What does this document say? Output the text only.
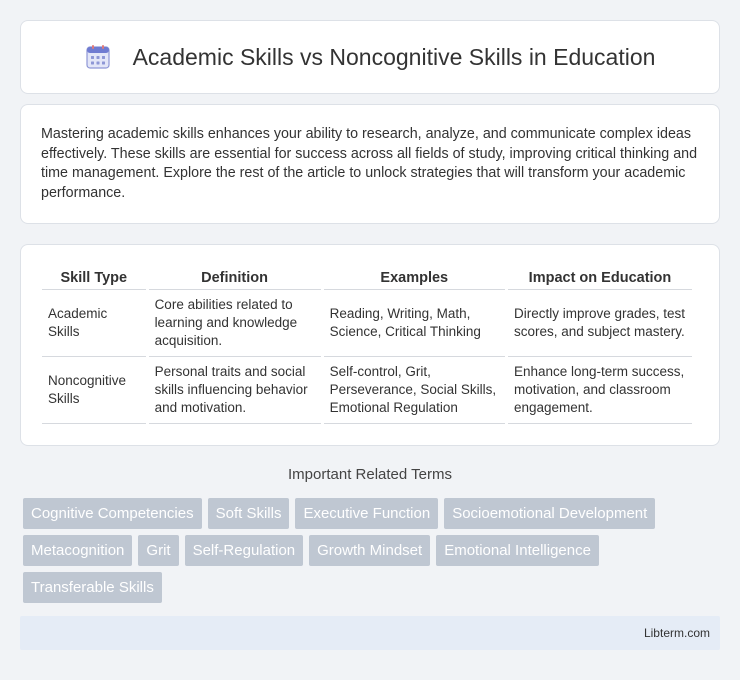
Academic Skills vs Noncognitive Skills in Education

Mastering academic skills enhances your ability to research, analyze, and communicate complex ideas effectively. These skills are essential for success across all fields of study, improving critical thinking and time management. Explore the rest of the article to unlock strategies that will transform your academic performance.

Skill Type	Definition	Examples	Impact on Education
Academic Skills	Core abilities related to learning and knowledge acquisition.	Reading, Writing, Math, Science, Critical Thinking	Directly improve grades, test scores, and subject mastery.
Noncognitive Skills	Personal traits and social skills influencing behavior and motivation.	Self-control, Grit, Perseverance, Social Skills, Emotional Regulation	Enhance long-term success, motivation, and classroom engagement.
Important Related Terms
Cognitive Competencies	Soft Skills	Executive Function	Socioemotional Development
Metacognition	Grit	Self-Regulation	Growth Mindset	Emotional Intelligence
Transferable Skills
Libterm.com
